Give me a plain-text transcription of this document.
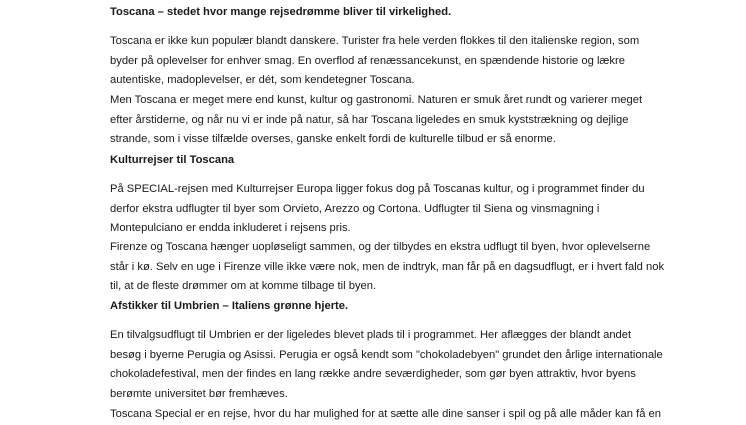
Toscana – stedet hvor mange rejsedrømme bliver til virkelighed.
Toscana er ikke kun populær blandt danskere. Turister fra hele verden flokkes til den italienske region, som
byder på oplevelser for enhver smag. En overflod af renæssancekunst, en spændende historie og lækre
autentiske, madoplevelser, er dét, som kendetegner Toscana.
Men Toscana er meget mere end kunst, kultur og gastronomi. Naturen er smuk året rundt og varierer meget
efter årstiderne, og når nu vi er inde på natur, så har Toscana ligeledes en smuk kyststrækning og dejlige
strande, som i visse tilfælde overses, ganske enkelt fordi de kulturelle tilbud er så enorme.
Kulturrejser til Toscana
På SPECIAL-rejsen med Kulturrejser Europa ligger fokus dog på Toscanas kultur, og i programmet finder du
derfor ekstra udflugter til byer som Orvieto, Arezzo og Cortona. Udflugter til Siena og vinsmagning i
Montepulciano er endda inkluderet i rejsens pris.
Firenze og Toscana hænger uopløseligt sammen, og der tilbydes en ekstra udflugt til byen, hvor oplevelserne
står i kø. Selv en uge i Firenze ville ikke være nok, men de indtryk, man får på en dagsudflugt, er i hvert fald nok
til, at de fleste drømmer om at komme tilbage til byen.
Afstikker til Umbrien – Italiens grønne hjerte.
En tilvalgsudflugt til Umbrien er der ligeledes blevet plads til i programmet. Her aflægges der blandt andet
besøg i byerne Perugia og Asissi. Perugia er også kendt som "chokoladebyen" grundet den årlige internationale
chokoladefestival, men der findes en lang række andre seværdigheder, som gør byen attraktiv, hvor byens
berømte universitet bør fremhæves.
Toscana Special er en rejse, hvor du har mulighed for at sætte alle dine sanser i spil og på alle måder kan få en
